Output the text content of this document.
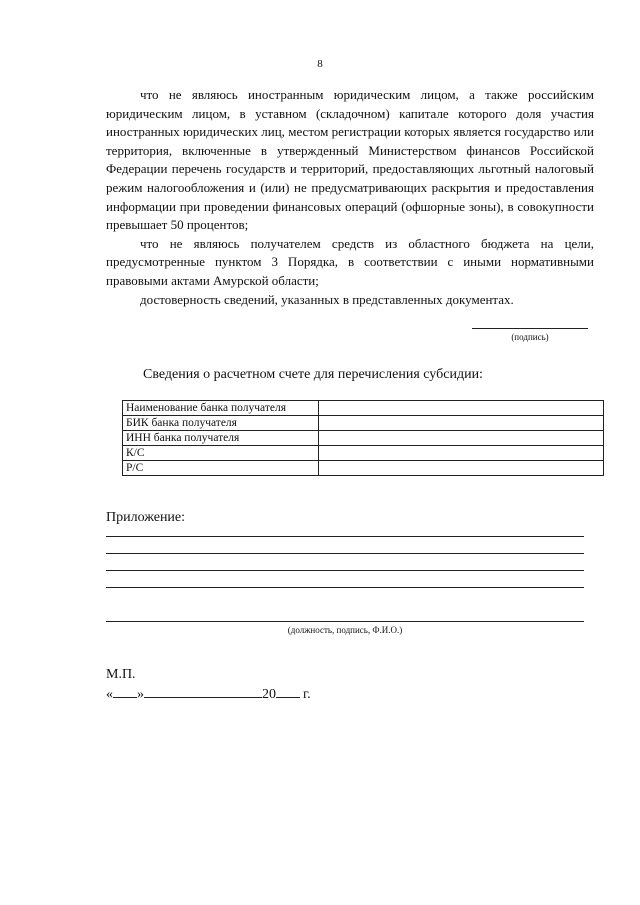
8

что не являюсь иностранным юридическим лицом, а также российским юридическим лицом, в уставном (складочном) капитале которого доля участия иностранных юридических лиц, местом регистрации которых является государство или территория, включенные в утвержденный Министерством финансов Российской Федерации перечень государств и территорий, предоставляющих льготный налоговый режим налогообложения и (или) не предусматривающих раскрытия и предоставления информации при проведении финансовых операций (офшорные зоны), в совокупности превышает 50 процентов;

что не являюсь получателем средств из областного бюджета на цели, предусмотренные пунктом 3 Порядка, в соответствии с иными нормативными правовыми актами Амурской области;

достоверность сведений, указанных в представленных документах.

(подпись)
Сведения о расчетном счете для перечисления субсидии:
Наименование банка получателя	
БИК банка получателя	
ИНН банка получателя	
К/С	
Р/С	
Приложение:
(должность, подпись, Ф.И.О.)
М.П.
« »	20 г.
